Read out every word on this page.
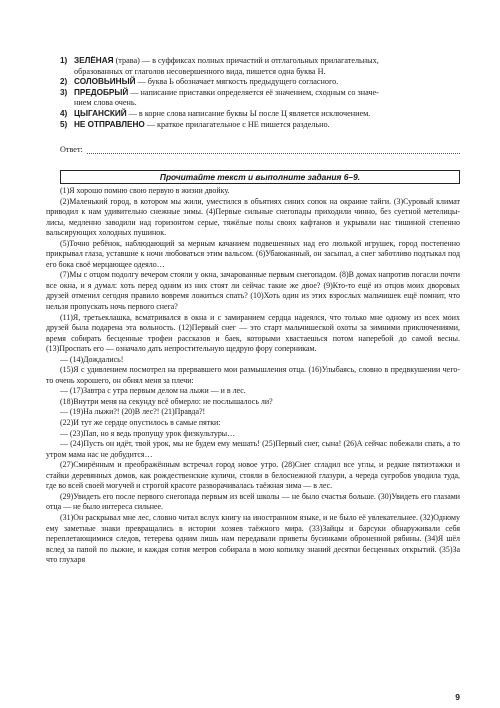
1) ЗЕЛЁНАЯ (трава) — в суффиксах полных причастий и отглагольных прилагательных,
образованных от глаголов несовершенного вида, пишется одна буква Н.
2) СОЛОВЬИНЫЙ — буква Ь обозначает мягкость предыдущего согласного.
3) ПРЕДОБРЫЙ — написание приставки определяется её значением, сходным со значе-
нием слова очень.
4) ЦЫГАНСКИЙ — в корне слова написание буквы Ы после Ц является исключением.
5) НЕ ОТПРАВЛЕНО — краткое прилагательное с НЕ пишется раздельно.
Ответ:
Прочитайте текст и выполните задания 6–9.

(1)Я хорошо помню свою первую в жизни двойку.

(2)Маленький город, в котором мы жили, уместился в объятиях синих сопок на окраине тайги. (3)Суровый климат приводил к нам удивительно снежные зимы. (4)Первые сильные снегопады приходили чинно, без суетной метелицы-лисы, медленно заводили над горизонтом серые, тяжёлые полы своих кафтанов и укрывали нас тишиной степенно вальсирующих холодных пушинок.

(5)Точно ребёнок, наблюдающий за мерным качанием подвешенных над его люлькой игрушек, город постепенно прикрывал глаза, уставшие к ночи любоваться этим вальсом. (6)Убаюканный, он засыпал, а снег заботливо подтыкал под его бока своё мерцающее одеяло…

(7)Мы с отцом подолгу вечером стояли у окна, зачарованные первым снегопадом. (8)В домах напротив погасли почти все окна, и я думал: хоть перед одним из них стоят ли сейчас такие же двое? (9)Кто-то ещё из отцов моих дворовых друзей отменил сегодня правило вовремя ложиться спать? (10)Хоть один из этих взрослых мальчишек ещё помнит, что нельзя пропускать ночь первого снега?

(11)Я, третьеклашка, всматривался в окна и с замиранием сердца надеялся, что только мне одному из всех моих друзей была подарена эта вольность. (12)Первый снег — это старт мальчишеской охоты за зимними приключениями, время собирать бесценные трофеи рассказов и баек, которыми хвастаешься потом наперебой до самой весны. (13)Проспать его — означало дать непростительную щедрую фору соперникам.

— (14)Дождались!

(15)Я с удивлением посмотрел на прервавшего мои размышления отца. (16)Улыбаясь, словно в предвкушении чего-то очень хорошего, он обнял меня за плечи:

— (17)Завтра с утра первым делом на лыжи — и в лес.

(18)Внутри меня на секунду всё обмерло: не послышалось ли?

— (19)На лыжи?! (20)В лес?! (21)Правда?!

(22)И тут же сердце опустилось в самые пятки:

— (23)Пап, но я ведь пропущу урок физкультуры…

— (24)Пусть он идёт, твой урок, мы не будем ему мешать! (25)Первый снег, сына! (26)А сейчас побежали спать, а то утром мама нас не добудится…

(27)Смирённым и преображённым встречал город новое утро. (28)Снег сгладил все углы, и редкие пятиэтажки и стайки деревянных домов, как рождественские куличи, стояли в белоснежной глазури, а череда сугробов уводила туда, где во всей своей могучей и строгой красоте разворачивалась таёжная зима — в лес.

(29)Увидеть его после первого снегопада первым из всей школы — не было счастья больше. (30)Увидеть его глазами отца — не было интереса сильнее.

(31)Он раскрывал мне лес, словно читал вслух книгу на иностранном языке, и не было её увлекательнее. (32)Одному ему заметные знаки превращались в истории хозяев таёжного мира. (33)Зайцы и барсуки обнаруживали себя переплетающимися следов, тетерева одним лишь нам передавали приветы бусинками оброненной рябины. (34)Я шёл вслед за папой по лыжне, и каждая сотня метров собирала в мою копилку знаний десятки бесценных открытий. (35)За что глухаря

9
